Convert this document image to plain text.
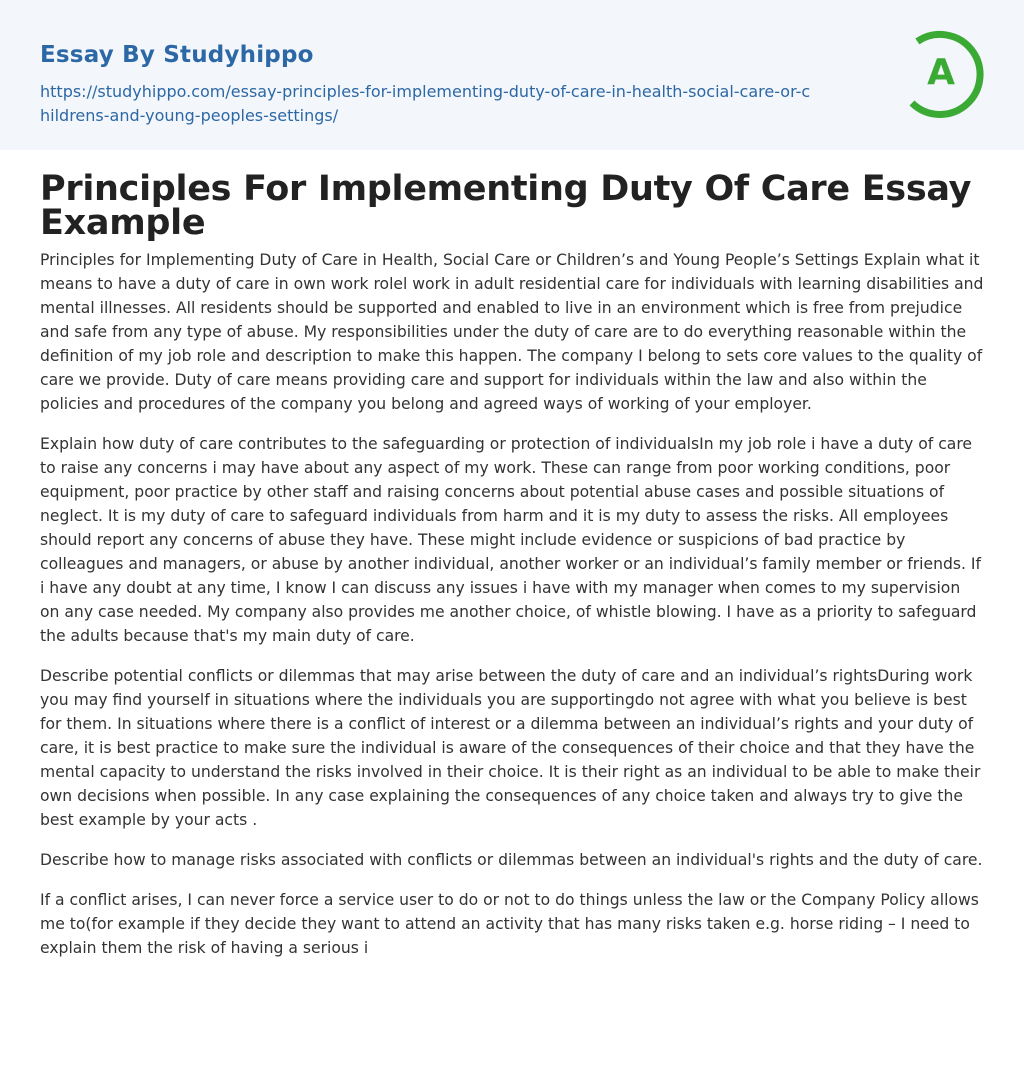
Essay By Studyhippo
https://studyhippo.com/essay-principles-for-implementing-duty-of-care-in-health-social-care-or-childrens-and-young-peoples-settings/
A
Principles For Implementing Duty Of Care Essay Example

Principles for Implementing Duty of Care in Health, Social Care or Children’s and Young People’s Settings Explain what it means to have a duty of care in own work rolel work in adult residential care for individuals with learning disabilities and mental illnesses. All residents should be supported and enabled to live in an environment which is free from prejudice and safe from any type of abuse. My responsibilities under the duty of care are to do everything reasonable within the definition of my job role and description to make this happen. The company I belong to sets core values to the quality of care we provide. Duty of care means providing care and support for individuals within the law and also within the policies and procedures of the company you belong and agreed ways of working of your employer.

Explain how duty of care contributes to the safeguarding or protection of individualsIn my job role i have a duty of care to raise any concerns i may have about any aspect of my work. These can range from poor working conditions, poor equipment, poor practice by other staff and raising concerns about potential abuse cases and possible situations of neglect. It is my duty of care to safeguard individuals from harm and it is my duty to assess the risks. All employees should report any concerns of abuse they have. These might include evidence or suspicions of bad practice by colleagues and managers, or abuse by another individual, another worker or an individual’s family member or friends. If i have any doubt at any time, I know I can discuss any issues i have with my manager when comes to my supervision on any case needed. My company also provides me another choice, of whistle blowing. I have as a priority to safeguard the adults because that's my main duty of care.

Describe potential conflicts or dilemmas that may arise between the duty of care and an individual’s rightsDuring work you may find yourself in situations where the individuals you are supportingdo not agree with what you believe is best for them. In situations where there is a conflict of interest or a dilemma between an individual’s rights and your duty of care, it is best practice to make sure the individual is aware of the consequences of their choice and that they have the mental capacity to understand the risks involved in their choice. It is their right as an individual to be able to make their own decisions when possible. In any case explaining the consequences of any choice taken and always try to give the best example by your acts .

Describe how to manage risks associated with conflicts or dilemmas between an individual's rights and the duty of care.

If a conflict arises, I can never force a service user to do or not to do things unless the law or the Company Policy allows me to(for example if they decide they want to attend an activity that has many risks taken e.g. horse riding – I need to explain them the risk of having a serious i
